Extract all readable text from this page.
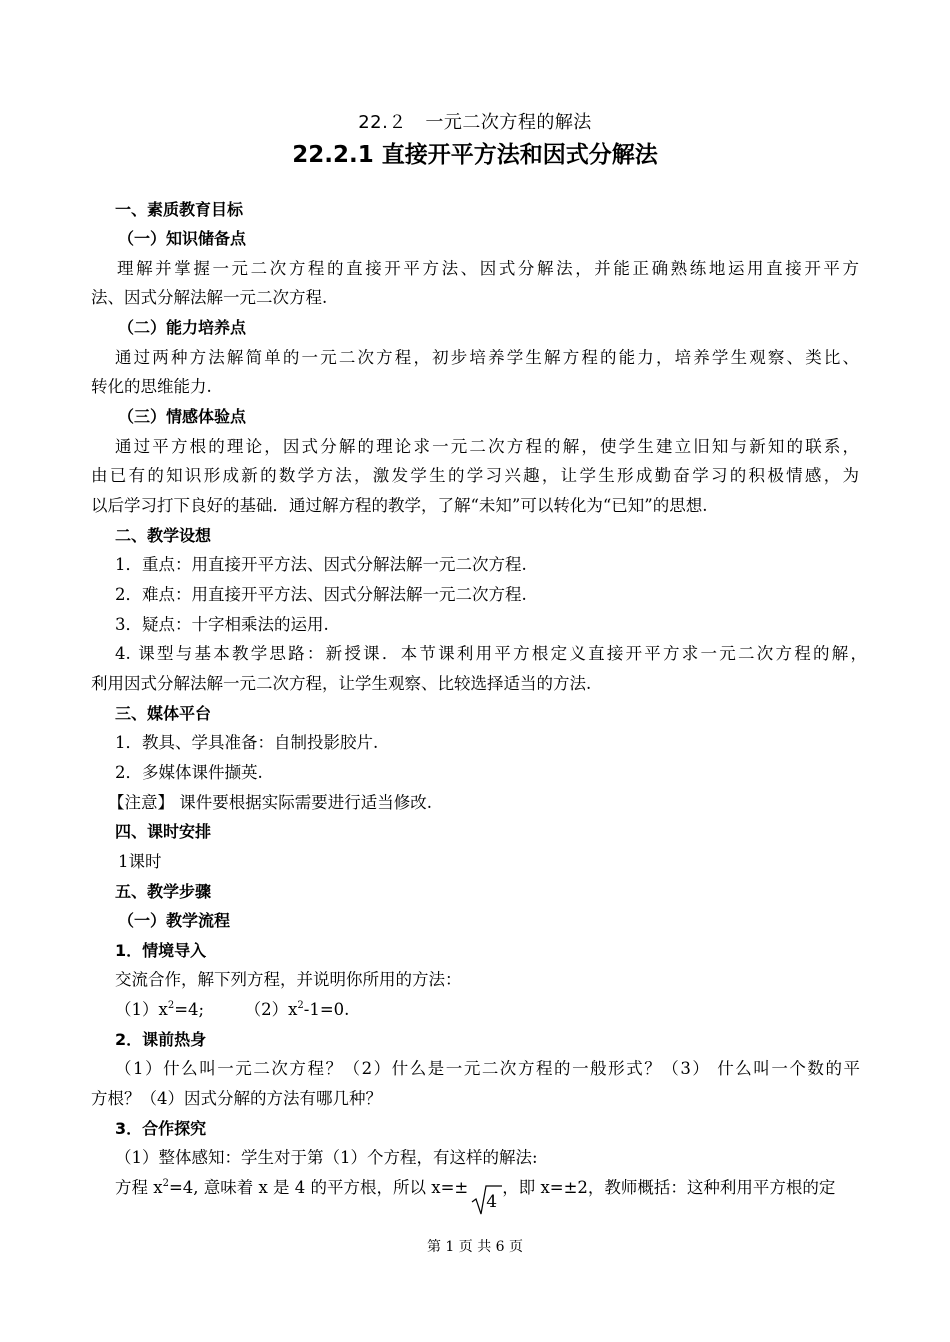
22.２　一元二次方程的解法
22.2.1 直接开平方法和因式分解法
一、素质教育目标
（一）知识储备点
理解并掌握一元二次方程的直接开平方法、因式分解法，并能正确熟练地运用直接开平方
法、因式分解法解一元二次方程.
（二）能力培养点
通过两种方法解简单的一元二次方程，初步培养学生解方程的能力，培养学生观察、类比、
转化的思维能力.
（三）情感体验点
通过平方根的理论，因式分解的理论求一元二次方程的解，使学生建立旧知与新知的联系，
由已有的知识形成新的数学方法，激发学生的学习兴趣，让学生形成勤奋学习的积极情感，为
以后学习打下良好的基础．通过解方程的教学，了解“未知”可以转化为“已知”的思想.
二、教学设想
1．重点：用直接开平方法、因式分解法解一元二次方程.
2．难点：用直接开平方法、因式分解法解一元二次方程.
3．疑点：十字相乘法的运用.
4. 课型与基本教学思路：新授课．本节课利用平方根定义直接开平方求一元二次方程的解，
利用因式分解法解一元二次方程，让学生观察、比较选择适当的方法.
三、媒体平台
1．教具、学具准备：自制投影胶片.
2．多媒体课件撷英.
【注意】 课件要根据实际需要进行适当修改.
四、课时安排
1课时
五、教学步骤
（一）教学流程
1．情境导入
交流合作，解下列方程，并说明你所用的方法：
$(1)x^2=4$; $(2)x^2-1=0$.
2．课前热身
（1）什么叫一元二次方程？（2）什么是一元二次方程的一般形式？（3） 什么叫一个数的平
方根？（4）因式分解的方法有哪几种？
3．合作探究
（1）整体感知：学生对于第（1）个方程，有这样的解法:
方程 $x^2=4$, 意味着 x 是 4 的平方根，所以 x=±
4
，即 x=±2，教师概括：这种利用平方根的定
第 1 页 共 6 页
